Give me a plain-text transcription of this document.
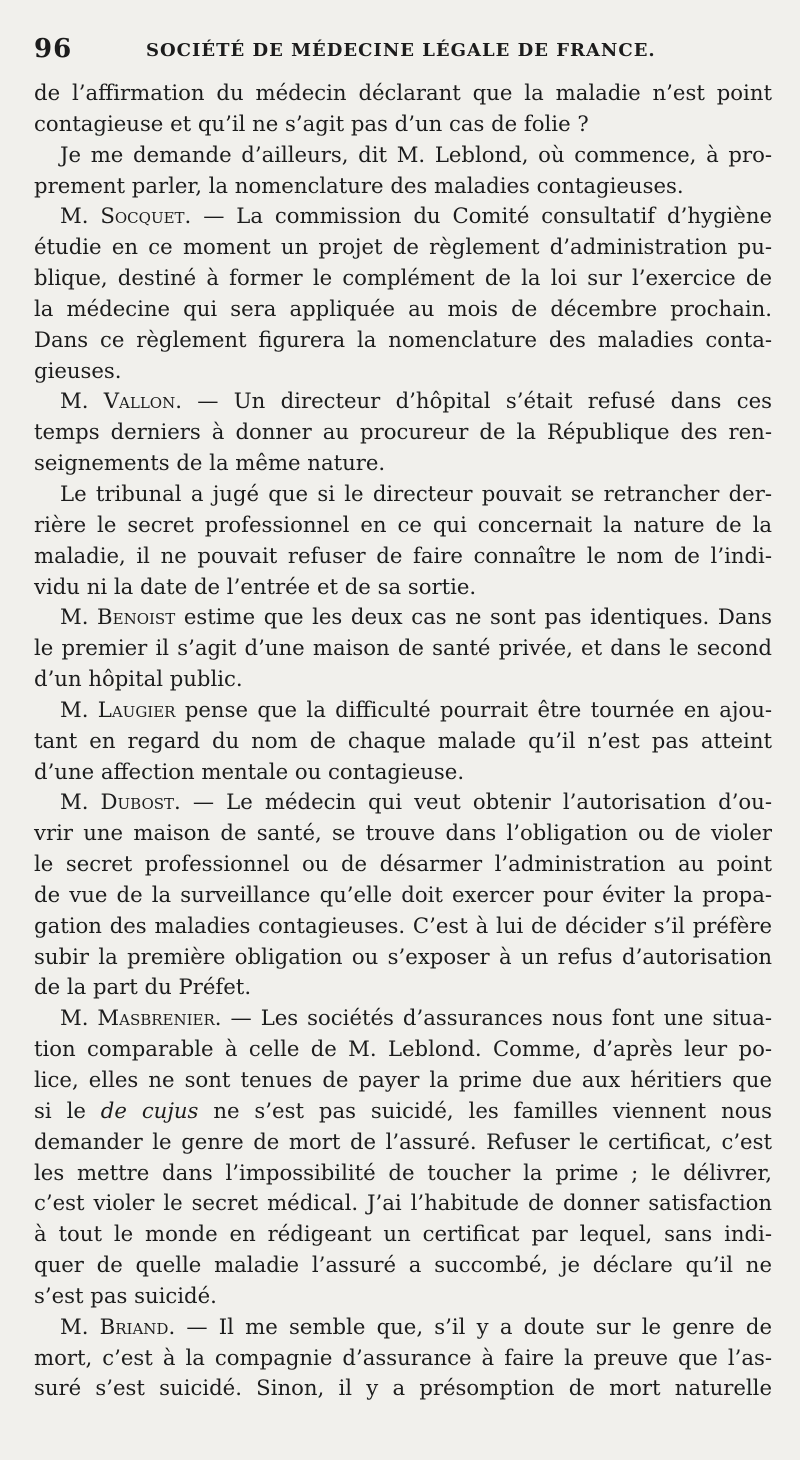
96	SOCIÉTÉ DE MÉDECINE LÉGALE DE FRANCE.
de l’affirmation du médecin déclarant que la maladie n’est point
contagieuse et qu’il ne s’agit pas d’un cas de folie ?
Je me demande d’ailleurs, dit M. Leblond, où commence, à pro-
prement parler, la nomenclature des maladies contagieuses.
M. Socquet. — La commission du Comité consultatif d’hygiène
étudie en ce moment un projet de règlement d’administration pu-
blique, destiné à former le complément de la loi sur l’exercice de
la médecine qui sera appliquée au mois de décembre prochain.
Dans ce règlement figurera la nomenclature des maladies conta-
gieuses.
M. Vallon. — Un directeur d’hôpital s’était refusé dans ces
temps derniers à donner au procureur de la République des ren-
seignements de la même nature.
Le tribunal a jugé que si le directeur pouvait se retrancher der-
rière le secret professionnel en ce qui concernait la nature de la
maladie, il ne pouvait refuser de faire connaître le nom de l’indi-
vidu ni la date de l’entrée et de sa sortie.
M. Benoist estime que les deux cas ne sont pas identiques. Dans
le premier il s’agit d’une maison de santé privée, et dans le second
d’un hôpital public.
M. Laugier pense que la difficulté pourrait être tournée en ajou-
tant en regard du nom de chaque malade qu’il n’est pas atteint
d’une affection mentale ou contagieuse.
M. Dubost. — Le médecin qui veut obtenir l’autorisation d’ou-
vrir une maison de santé, se trouve dans l’obligation ou de violer
le secret professionnel ou de désarmer l’administration au point
de vue de la surveillance qu’elle doit exercer pour éviter la propa-
gation des maladies contagieuses. C’est à lui de décider s’il préfère
subir la première obligation ou s’exposer à un refus d’autorisation
de la part du Préfet.
M. Masbrenier. — Les sociétés d’assurances nous font une situa-
tion comparable à celle de M. Leblond. Comme, d’après leur po-
lice, elles ne sont tenues de payer la prime due aux héritiers que
si le de cujus ne s’est pas suicidé, les familles viennent nous
demander le genre de mort de l’assuré. Refuser le certificat, c’est
les mettre dans l’impossibilité de toucher la prime ; le délivrer,
c’est violer le secret médical. J’ai l’habitude de donner satisfaction
à tout le monde en rédigeant un certificat par lequel, sans indi-
quer de quelle maladie l’assuré a succombé, je déclare qu’il ne
s’est pas suicidé.
M. Briand. — Il me semble que, s’il y a doute sur le genre de
mort, c’est à la compagnie d’assurance à faire la preuve que l’as-
suré s’est suicidé. Sinon, il y a présomption de mort naturelle
